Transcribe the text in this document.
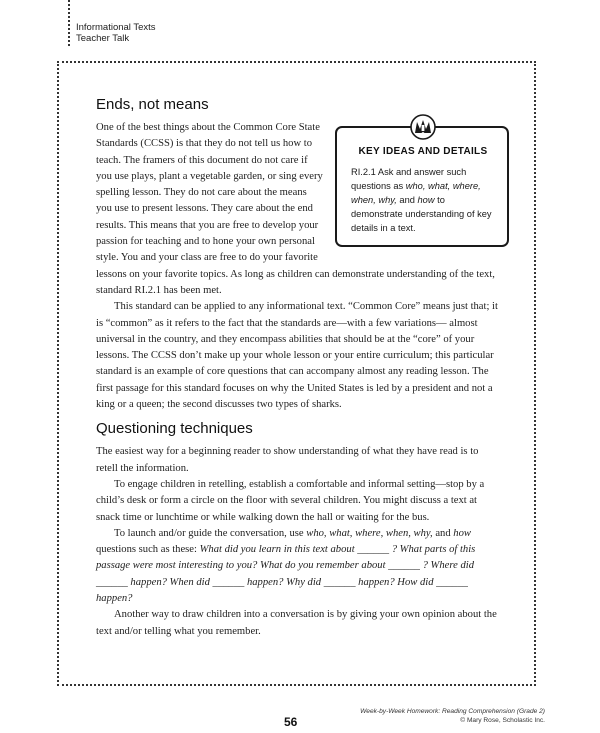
Informational Texts
Teacher Talk
Ends, not means
KEY IDEAS AND DETAILS
RI.2.1 Ask and answer such questions as who, what, where, when, why, and how to demonstrate understanding of key details in a text.

One of the best things about the Common Core State Standards (CCSS) is that they do not tell us how to teach. The framers of this document do not care if you use plays, plant a vegetable garden, or sing every spelling lesson. They do not care about the means you use to present lessons. They care about the end results. This means that you are free to develop your passion for teaching and to hone your own personal style. You and your class are free to do your favorite lessons on your favorite topics. As long as children can demonstrate understanding of the text, standard RI.2.1 has been met.

This standard can be applied to any informational text. “Common Core” means just that; it is “common” as it refers to the fact that the standards are—with a few variations— almost universal in the country, and they encompass abilities that should be at the “core” of your lessons. The CCSS don’t make up your whole lesson or your entire curriculum; this particular standard is an example of core questions that can accompany almost any reading lesson. The first passage for this standard focuses on why the United States is led by a president and not a king or a queen; the second discusses two types of sharks.

Questioning techniques

The easiest way for a beginning reader to show understanding of what they have read is to retell the information.

To engage children in retelling, establish a comfortable and informal setting—stop by a child’s desk or form a circle on the floor with several children. You might discuss a text at snack time or lunchtime or while walking down the hall or waiting for the bus.

To launch and/or guide the conversation, use who, what, where, when, why, and how questions such as these: What did you learn in this text about ______ ? What parts of this passage were most interesting to you? What do you remember about ______ ? Where did ______ happen? When did ______ happen? Why did ______ happen? How did ______ happen?

Another way to draw children into a conversation is by giving your own opinion about the text and/or telling what you remember.

56
Week-by-Week Homework: Reading Comprehension (Grade 2)
© Mary Rose, Scholastic Inc.
